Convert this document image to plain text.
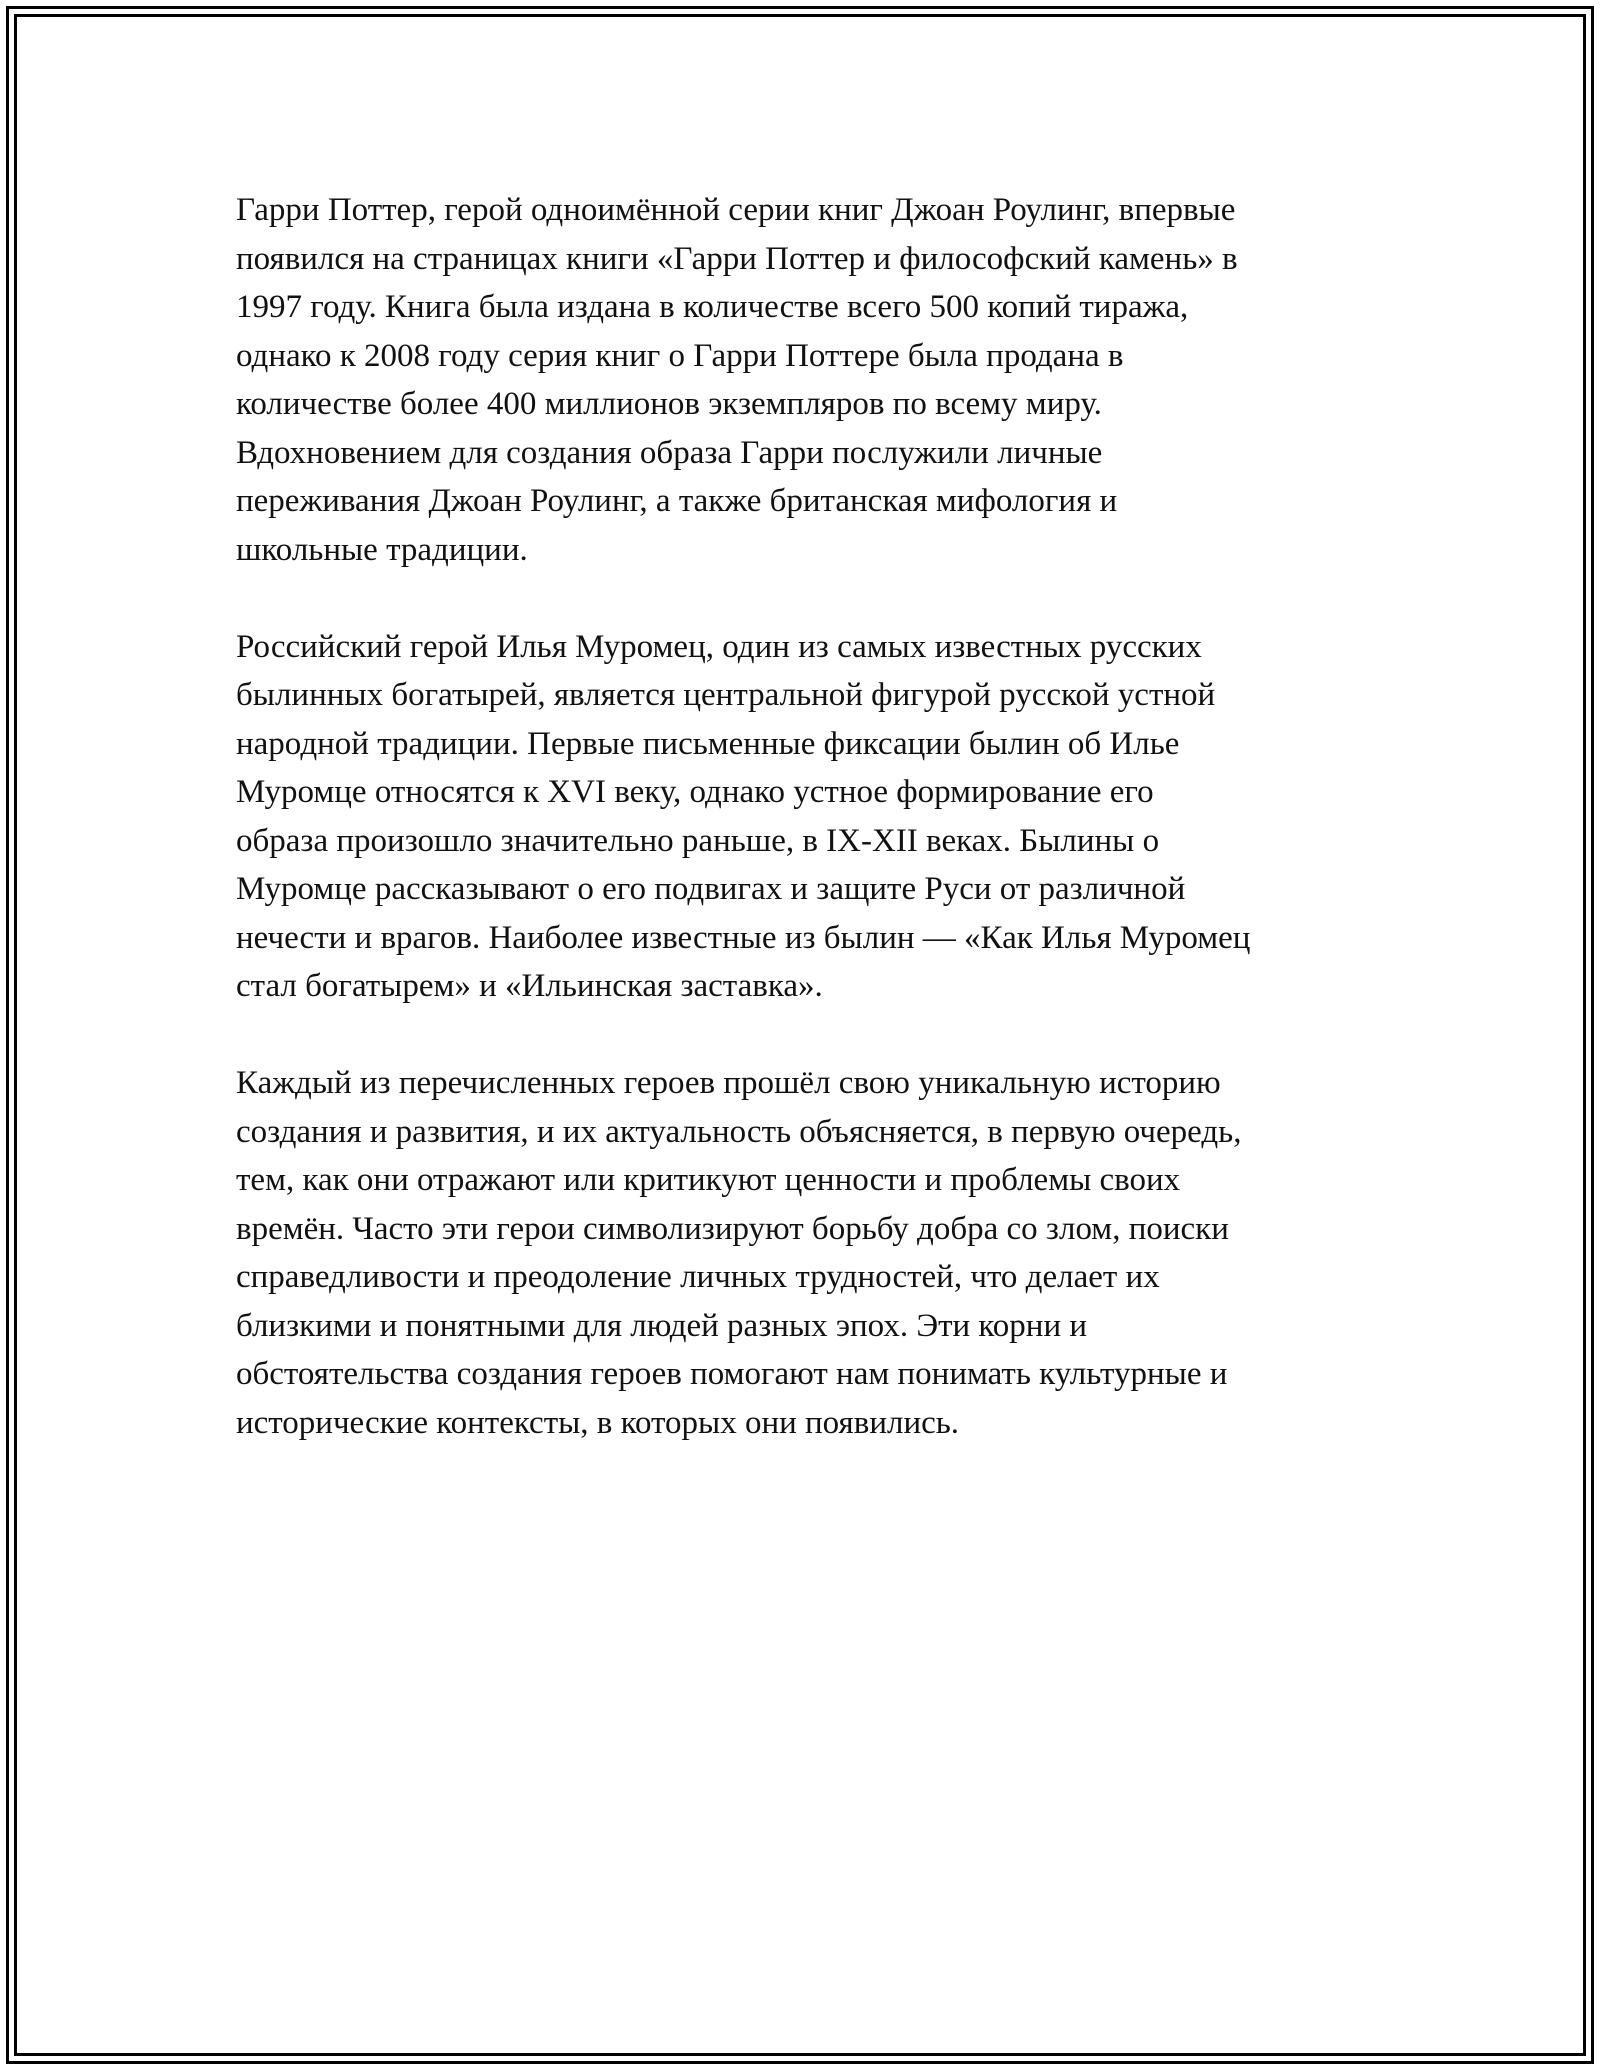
Гарри Поттер, герой одноимённой серии книг Джоан Роулинг, впервые
появился на страницах книги «Гарри Поттер и философский камень» в
1997 году. Книга была издана в количестве всего 500 копий тиража,
однако к 2008 году серия книг о Гарри Поттере была продана в
количестве более 400 миллионов экземпляров по всему миру.
Вдохновением для создания образа Гарри послужили личные
переживания Джоан Роулинг, а также британская мифология и
школьные традиции.

Российский герой Илья Муромец, один из самых известных русских
былинных богатырей, является центральной фигурой русской устной
народной традиции. Первые письменные фиксации былин об Илье
Муромце относятся к XVI веку, однако устное формирование его
образа произошло значительно раньше, в IX-XII веках. Былины о
Муромце рассказывают о его подвигах и защите Руси от различной
нечести и врагов. Наиболее известные из былин — «Как Илья Муромец
стал богатырем» и «Ильинская заставка».

Каждый из перечисленных героев прошёл свою уникальную историю
создания и развития, и их актуальность объясняется, в первую очередь,
тем, как они отражают или критикуют ценности и проблемы своих
времён. Часто эти герои символизируют борьбу добра со злом, поиски
справедливости и преодоление личных трудностей, что делает их
близкими и понятными для людей разных эпох. Эти корни и
обстоятельства создания героев помогают нам понимать культурные и
исторические контексты, в которых они появились.
